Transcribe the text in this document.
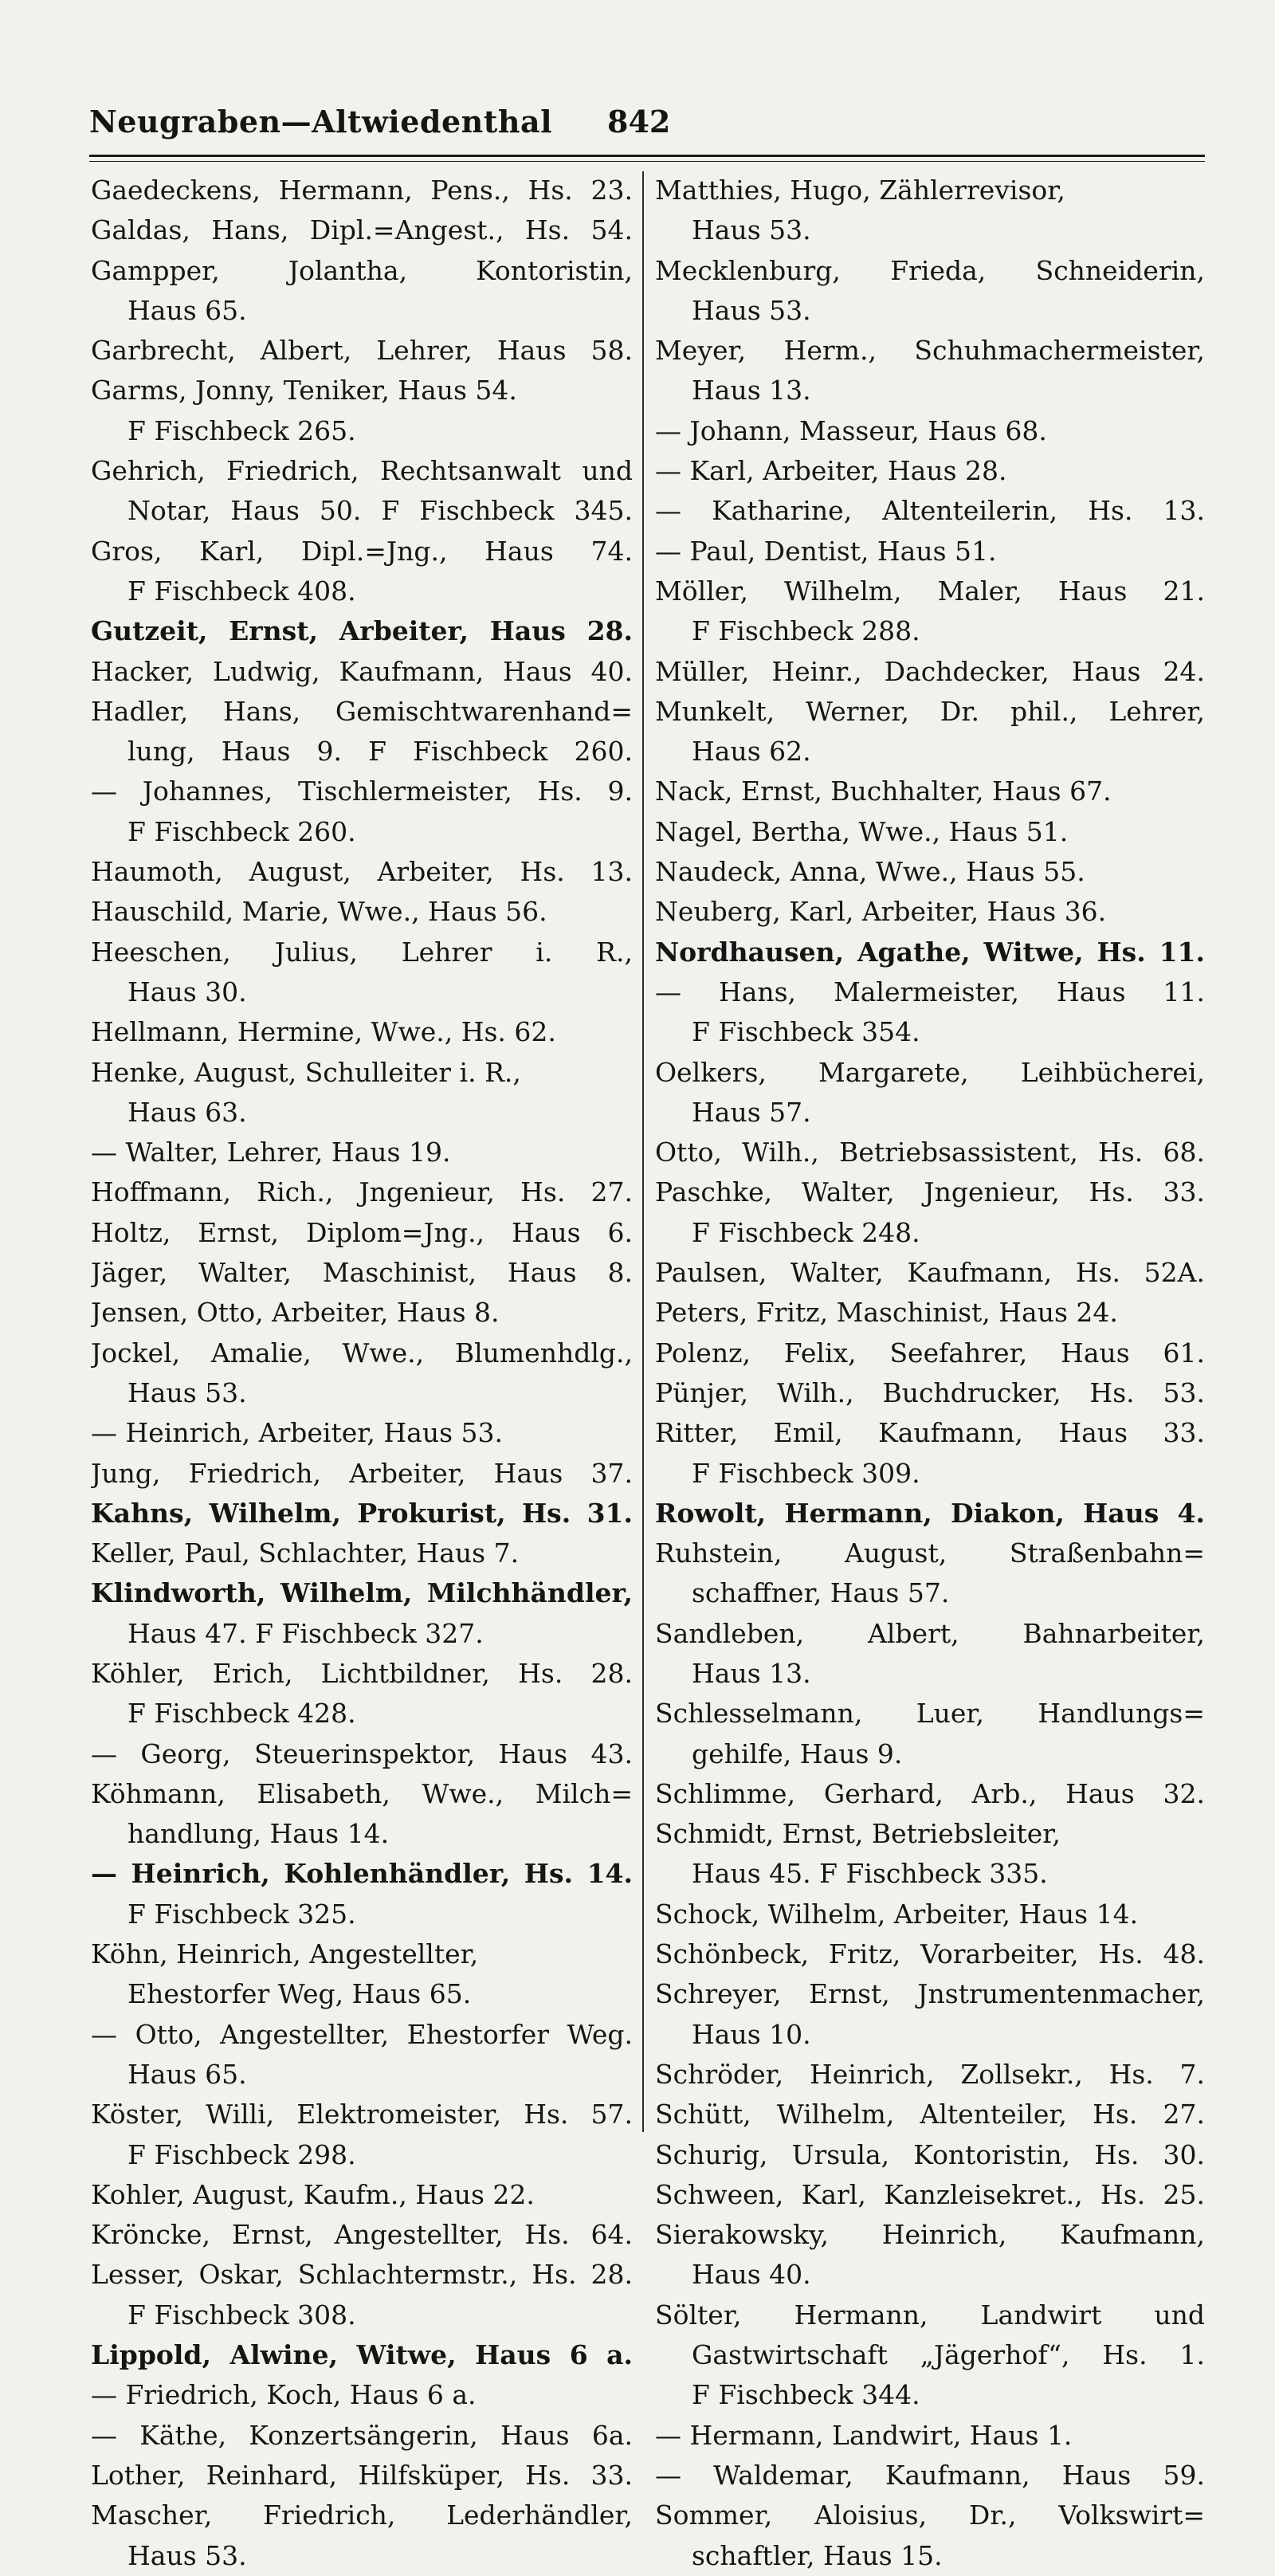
Neugraben—Altwiedenthal 842
Gaedeckens, Hermann, Pens., Hs. 23.
Galdas, Hans, Dipl.=Angest., Hs. 54.
Gampper, Jolantha, Kontoristin,
Haus 65.
Garbrecht, Albert, Lehrer, Haus 58.
Garms, Jonny, Teniker, Haus 54.
F Fischbeck 265.
Gehrich, Friedrich, Rechtsanwalt und
Notar, Haus 50. F Fischbeck 345.
Gros, Karl, Dipl.=Jng., Haus 74.
F Fischbeck 408.
Gutzeit, Ernst, Arbeiter, Haus 28.
Hacker, Ludwig, Kaufmann, Haus 40.
Hadler, Hans, Gemischtwarenhand=
lung, Haus 9. F Fischbeck 260.
— Johannes, Tischlermeister, Hs. 9.
F Fischbeck 260.
Haumoth, August, Arbeiter, Hs. 13.
Hauschild, Marie, Wwe., Haus 56.
Heeschen, Julius, Lehrer i. R.,
Haus 30.
Hellmann, Hermine, Wwe., Hs. 62.
Henke, August, Schulleiter i. R.,
Haus 63.
— Walter, Lehrer, Haus 19.
Hoffmann, Rich., Jngenieur, Hs. 27.
Holtz, Ernst, Diplom=Jng., Haus 6.
Jäger, Walter, Maschinist, Haus 8.
Jensen, Otto, Arbeiter, Haus 8.
Jockel, Amalie, Wwe., Blumenhdlg.,
Haus 53.
— Heinrich, Arbeiter, Haus 53.
Jung, Friedrich, Arbeiter, Haus 37.
Kahns, Wilhelm, Prokurist, Hs. 31.
Keller, Paul, Schlachter, Haus 7.
Klindworth, Wilhelm, Milchhändler,
Haus 47. F Fischbeck 327.
Köhler, Erich, Lichtbildner, Hs. 28.
F Fischbeck 428.
— Georg, Steuerinspektor, Haus 43.
Köhmann, Elisabeth, Wwe., Milch=
handlung, Haus 14.
— Heinrich, Kohlenhändler, Hs. 14.
F Fischbeck 325.
Köhn, Heinrich, Angestellter,
Ehestorfer Weg, Haus 65.
— Otto, Angestellter, Ehestorfer Weg.
Haus 65.
Köster, Willi, Elektromeister, Hs. 57.
F Fischbeck 298.
Kohler, August, Kaufm., Haus 22.
Kröncke, Ernst, Angestellter, Hs. 64.
Lesser, Oskar, Schlachtermstr., Hs. 28.
F Fischbeck 308.
Lippold, Alwine, Witwe, Haus 6 a.
— Friedrich, Koch, Haus 6 a.
— Käthe, Konzertsängerin, Haus 6a.
Lother, Reinhard, Hilfsküper, Hs. 33.
Mascher, Friedrich, Lederhändler,
Haus 53.
Matthies, Hugo, Zählerrevisor,
Haus 53.
Mecklenburg, Frieda, Schneiderin,
Haus 53.
Meyer, Herm., Schuhmachermeister,
Haus 13.
— Johann, Masseur, Haus 68.
— Karl, Arbeiter, Haus 28.
— Katharine, Altenteilerin, Hs. 13.
— Paul, Dentist, Haus 51.
Möller, Wilhelm, Maler, Haus 21.
F Fischbeck 288.
Müller, Heinr., Dachdecker, Haus 24.
Munkelt, Werner, Dr. phil., Lehrer,
Haus 62.
Nack, Ernst, Buchhalter, Haus 67.
Nagel, Bertha, Wwe., Haus 51.
Naudeck, Anna, Wwe., Haus 55.
Neuberg, Karl, Arbeiter, Haus 36.
Nordhausen, Agathe, Witwe, Hs. 11.
— Hans, Malermeister, Haus 11.
F Fischbeck 354.
Oelkers, Margarete, Leihbücherei,
Haus 57.
Otto, Wilh., Betriebsassistent, Hs. 68.
Paschke, Walter, Jngenieur, Hs. 33.
F Fischbeck 248.
Paulsen, Walter, Kaufmann, Hs. 52A.
Peters, Fritz, Maschinist, Haus 24.
Polenz, Felix, Seefahrer, Haus 61.
Pünjer, Wilh., Buchdrucker, Hs. 53.
Ritter, Emil, Kaufmann, Haus 33.
F Fischbeck 309.
Rowolt, Hermann, Diakon, Haus 4.
Ruhstein, August, Straßenbahn=
schaffner, Haus 57.
Sandleben, Albert, Bahnarbeiter,
Haus 13.
Schlesselmann, Luer, Handlungs=
gehilfe, Haus 9.
Schlimme, Gerhard, Arb., Haus 32.
Schmidt, Ernst, Betriebsleiter,
Haus 45. F Fischbeck 335.
Schock, Wilhelm, Arbeiter, Haus 14.
Schönbeck, Fritz, Vorarbeiter, Hs. 48.
Schreyer, Ernst, Jnstrumentenmacher,
Haus 10.
Schröder, Heinrich, Zollsekr., Hs. 7.
Schütt, Wilhelm, Altenteiler, Hs. 27.
Schurig, Ursula, Kontoristin, Hs. 30.
Schween, Karl, Kanzleisekret., Hs. 25.
Sierakowsky, Heinrich, Kaufmann,
Haus 40.
Sölter, Hermann, Landwirt und
Gastwirtschaft „Jägerhof“, Hs. 1.
F Fischbeck 344.
— Hermann, Landwirt, Haus 1.
— Waldemar, Kaufmann, Haus 59.
Sommer, Aloisius, Dr., Volkswirt=
schaftler, Haus 15.
